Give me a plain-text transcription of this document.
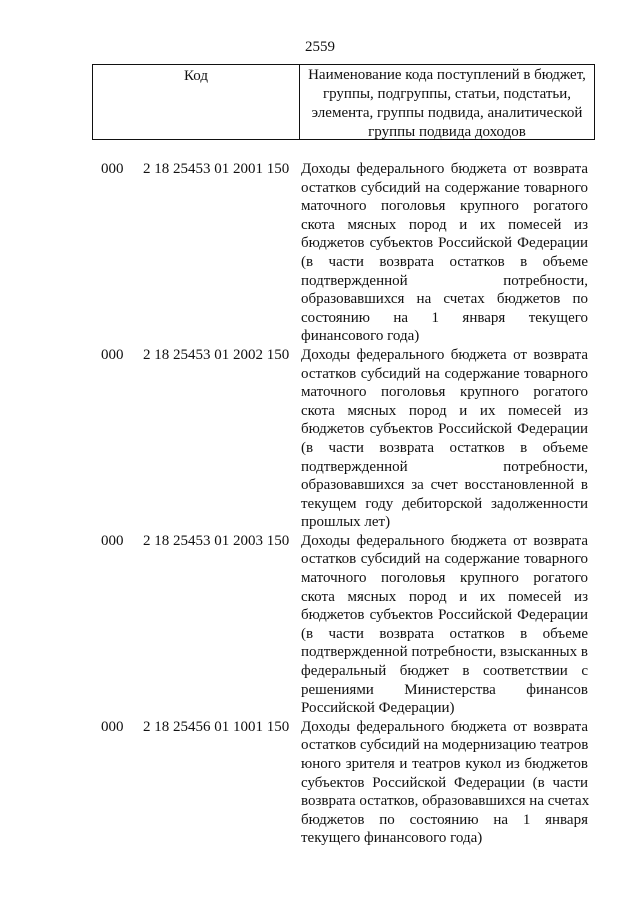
2559
Код	Наименование кода поступлений в бюджет, группы, подгруппы, статьи, подстатьи, элемента, группы подвида, аналитической группы подвида доходов
000 2 18 25453 01 2001 150 Доходы федерального бюджета от возврата
остатков субсидий на содержание товарного
маточного поголовья крупного рогатого
скота мясных пород и их помесей из
бюджетов субъектов Российской Федерации
(в части возврата остатков в объеме
подтвержденной потребности,
образовавшихся на счетах бюджетов по
состоянию на 1 января текущего
финансового года)
000 2 18 25453 01 2002 150 Доходы федерального бюджета от возврата
остатков субсидий на содержание товарного
маточного поголовья крупного рогатого
скота мясных пород и их помесей из
бюджетов субъектов Российской Федерации
(в части возврата остатков в объеме
подтвержденной потребности,
образовавшихся за счет восстановленной в
текущем году дебиторской задолженности
прошлых лет)
000 2 18 25453 01 2003 150 Доходы федерального бюджета от возврата
остатков субсидий на содержание товарного
маточного поголовья крупного рогатого
скота мясных пород и их помесей из
бюджетов субъектов Российской Федерации
(в части возврата остатков в объеме
подтвержденной потребности, взысканных в
федеральный бюджет в соответствии с
решениями Министерства финансов
Российской Федерации)
000 2 18 25456 01 1001 150 Доходы федерального бюджета от возврата
остатков субсидий на модернизацию театров
юного зрителя и театров кукол из бюджетов
субъектов Российской Федерации (в части
возврата остатков, образовавшихся на счетах
бюджетов по состоянию на 1 января
текущего финансового года)
